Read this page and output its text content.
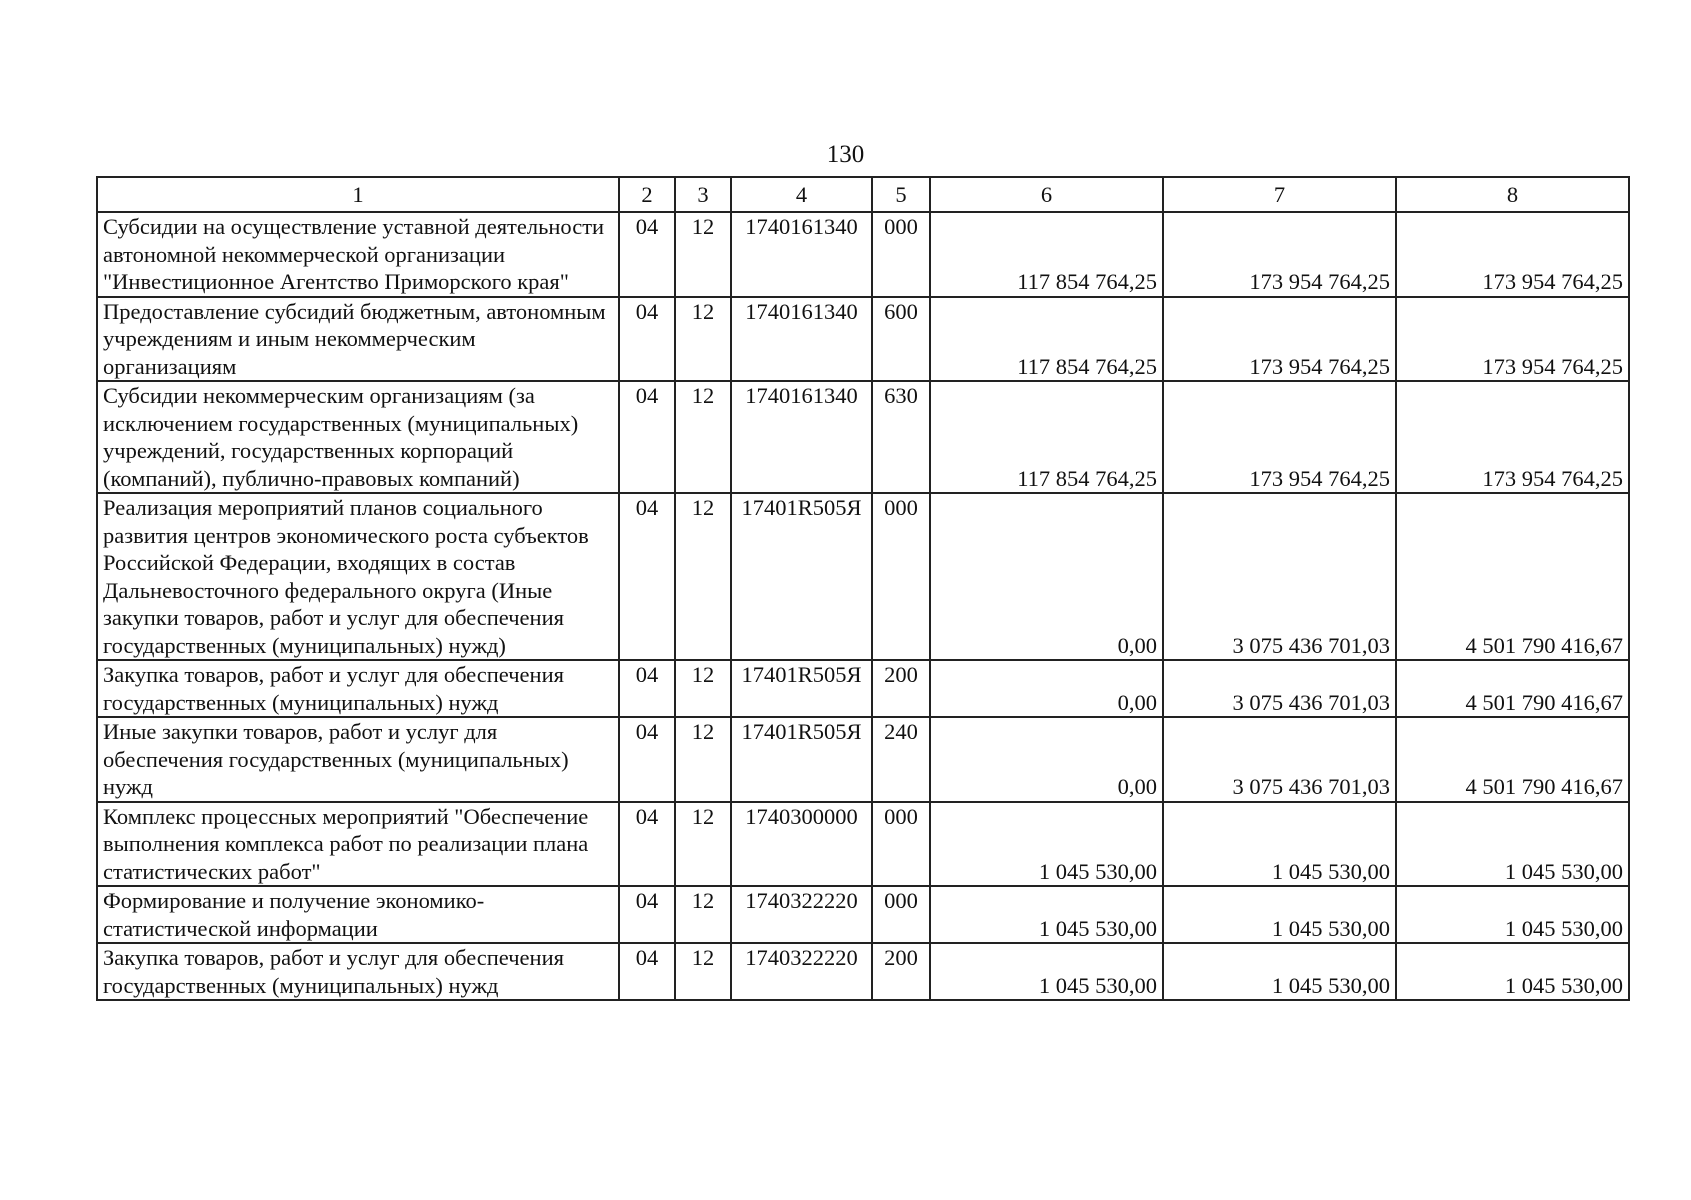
130
1	2	3	4	5	6	7	8
Субсидии на осуществление уставной деятельности автономной некоммерческой организации "Инвестиционное Агентство Приморского края"	04	12	1740161340	000	117 854 764,25	173 954 764,25	173 954 764,25
Предоставление субсидий бюджетным, автономным учреждениям и иным некоммерческим организациям	04	12	1740161340	600	117 854 764,25	173 954 764,25	173 954 764,25
Субсидии некоммерческим организациям (за исключением государственных (муниципальных) учреждений, государственных корпораций (компаний), публично-правовых компаний)	04	12	1740161340	630	117 854 764,25	173 954 764,25	173 954 764,25
Реализация мероприятий планов социального развития центров экономического роста субъектов Российской Федерации, входящих в состав Дальневосточного федерального округа (Иные закупки товаров, работ и услуг для обеспечения государственных (муниципальных) нужд)	04	12	17401R505Я	000	0,00	3 075 436 701,03	4 501 790 416,67
Закупка товаров, работ и услуг для обеспечения государственных (муниципальных) нужд	04	12	17401R505Я	200	0,00	3 075 436 701,03	4 501 790 416,67
Иные закупки товаров, работ и услуг для обеспечения государственных (муниципальных) нужд	04	12	17401R505Я	240	0,00	3 075 436 701,03	4 501 790 416,67
Комплекс процессных мероприятий "Обеспечение выполнения комплекса работ по реализации плана статистических работ"	04	12	1740300000	000	1 045 530,00	1 045 530,00	1 045 530,00
Формирование и получение экономико-статистической информации	04	12	1740322220	000	1 045 530,00	1 045 530,00	1 045 530,00
Закупка товаров, работ и услуг для обеспечения государственных (муниципальных) нужд	04	12	1740322220	200	1 045 530,00	1 045 530,00	1 045 530,00
